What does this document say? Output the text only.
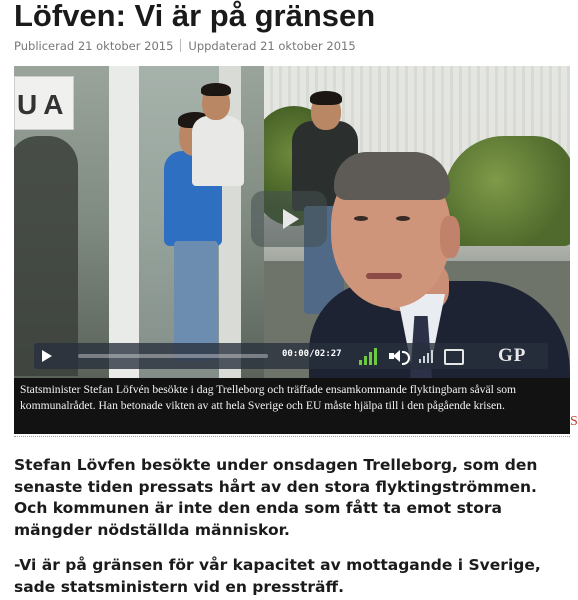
Löfven: Vi är på gränsen
Publicerad 21 oktober 2015 Uppdaterad 21 oktober 2015
UA
00:00/02:27	GP
Statsminister Stefan Löfvén besökte i dag Trelleborg och träffade ensamkommande flyktingbarn såväl som kommunalrådet. Han betonade vikten av att hela Sverige och EU måste hjälpa till i den pågående krisen.
S

Stefan Lövfen besökte under onsdagen Trelleborg, som den senaste tiden pressats hårt av den stora flyktingströmmen. Och kommunen är inte den enda som fått ta emot stora mängder nödställda människor.

-Vi är på gränsen för vår kapacitet av mottagande i Sverige, sade statsministern vid en pressträff.
